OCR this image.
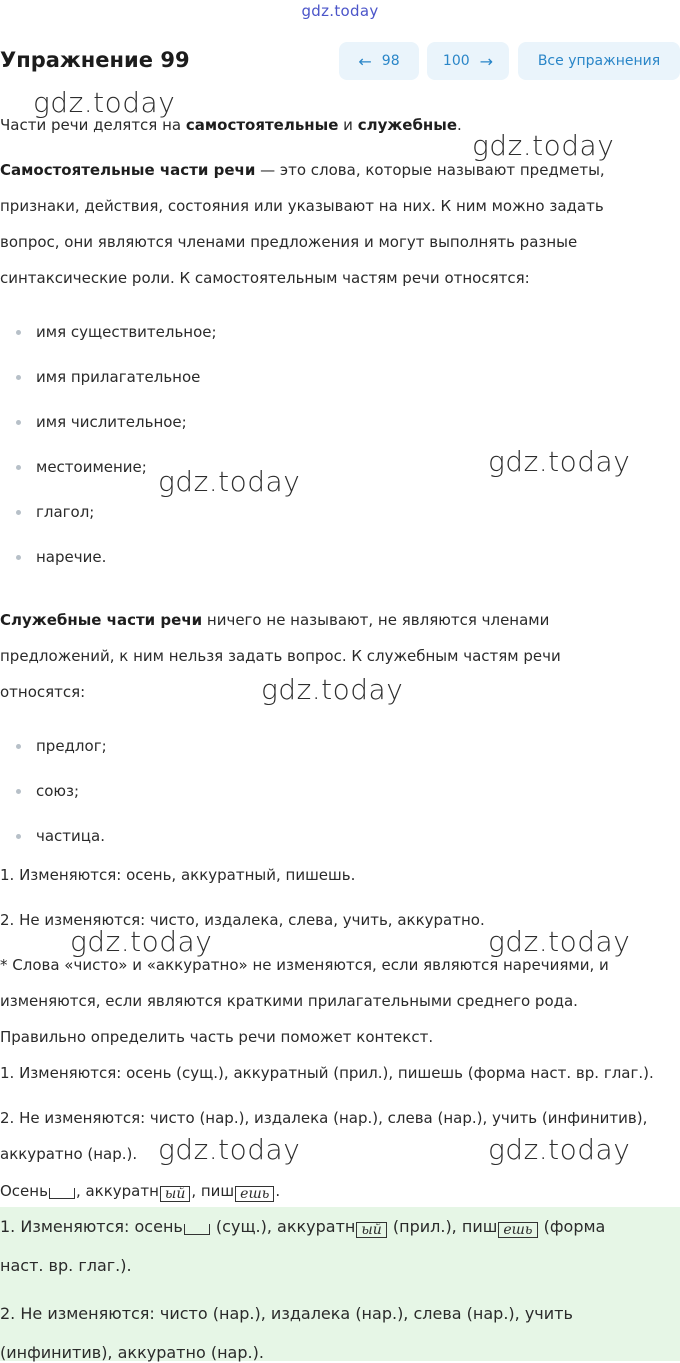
gdz.today
Упражнение 99	← 98	100 →	Все упражнения
Части речи делятся на самостоятельные и служебные.
Самостоятельные части речи — это слова, которые называют предметы,
признаки, действия, состояния или указывают на них. К ним можно задать
вопрос, они являются членами предложения и могут выполнять разные
синтаксические роли. К самостоятельным частям речи относятся:
имя существительное;
имя прилагательное
имя числительное;
местоимение;
глагол;
наречие.
Служебные части речи ничего не называют, не являются членами
предложений, к ним нельзя задать вопрос. К служебным частям речи
относятся:
предлог;
союз;
частица.
1. Изменяются: осень, аккуратный, пишешь.
2. Не изменяются: чисто, издалека, слева, учить, аккуратно.
* Слова «чисто» и «аккуратно» не изменяются, если являются наречиями, и
изменяются, если являются краткими прилагательными среднего рода.
Правильно определить часть речи поможет контекст.
1. Изменяются: осень (сущ.), аккуратный (прил.), пишешь (форма наст. вр. глаг.).
2. Не изменяются: чисто (нар.), издалека (нар.), слева (нар.), учить (инфинитив),
аккуратно (нар.).
Осень , аккуратн ый , пиш ешь .
1. Изменяются: осень (сущ.), аккуратн ый (прил.), пиш ешь (форма
наст. вр. глаг.).
2. Не изменяются: чисто (нар.), издалека (нар.), слева (нар.), учить
(инфинитив), аккуратно (нар.).
gdz.today
gdz.today
gdz.today
gdz.today
gdz.today
gdz.today	gdz.today
gdz.today	gdz.today
